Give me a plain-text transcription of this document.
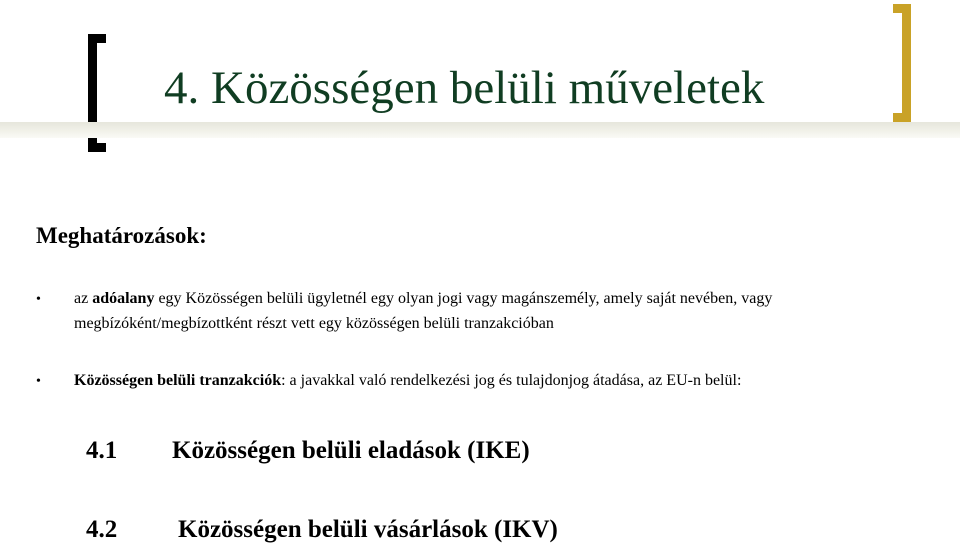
4. Közösségen belüli műveletek
Meghatározások:
• az adóalany egy Közösségen belüli ügyletnél egy olyan jogi vagy magánszemély, amely saját nevében, vagy
megbízóként/megbízottként részt vett egy közösségen belüli tranzakcióban
• Közösségen belüli tranzakciók: a javakkal való rendelkezési jog és tulajdonjog átadása, az EU-n belül:
4.1 Közösségen belüli eladások (IKE)
4.2 Közösségen belüli vásárlások (IKV)
